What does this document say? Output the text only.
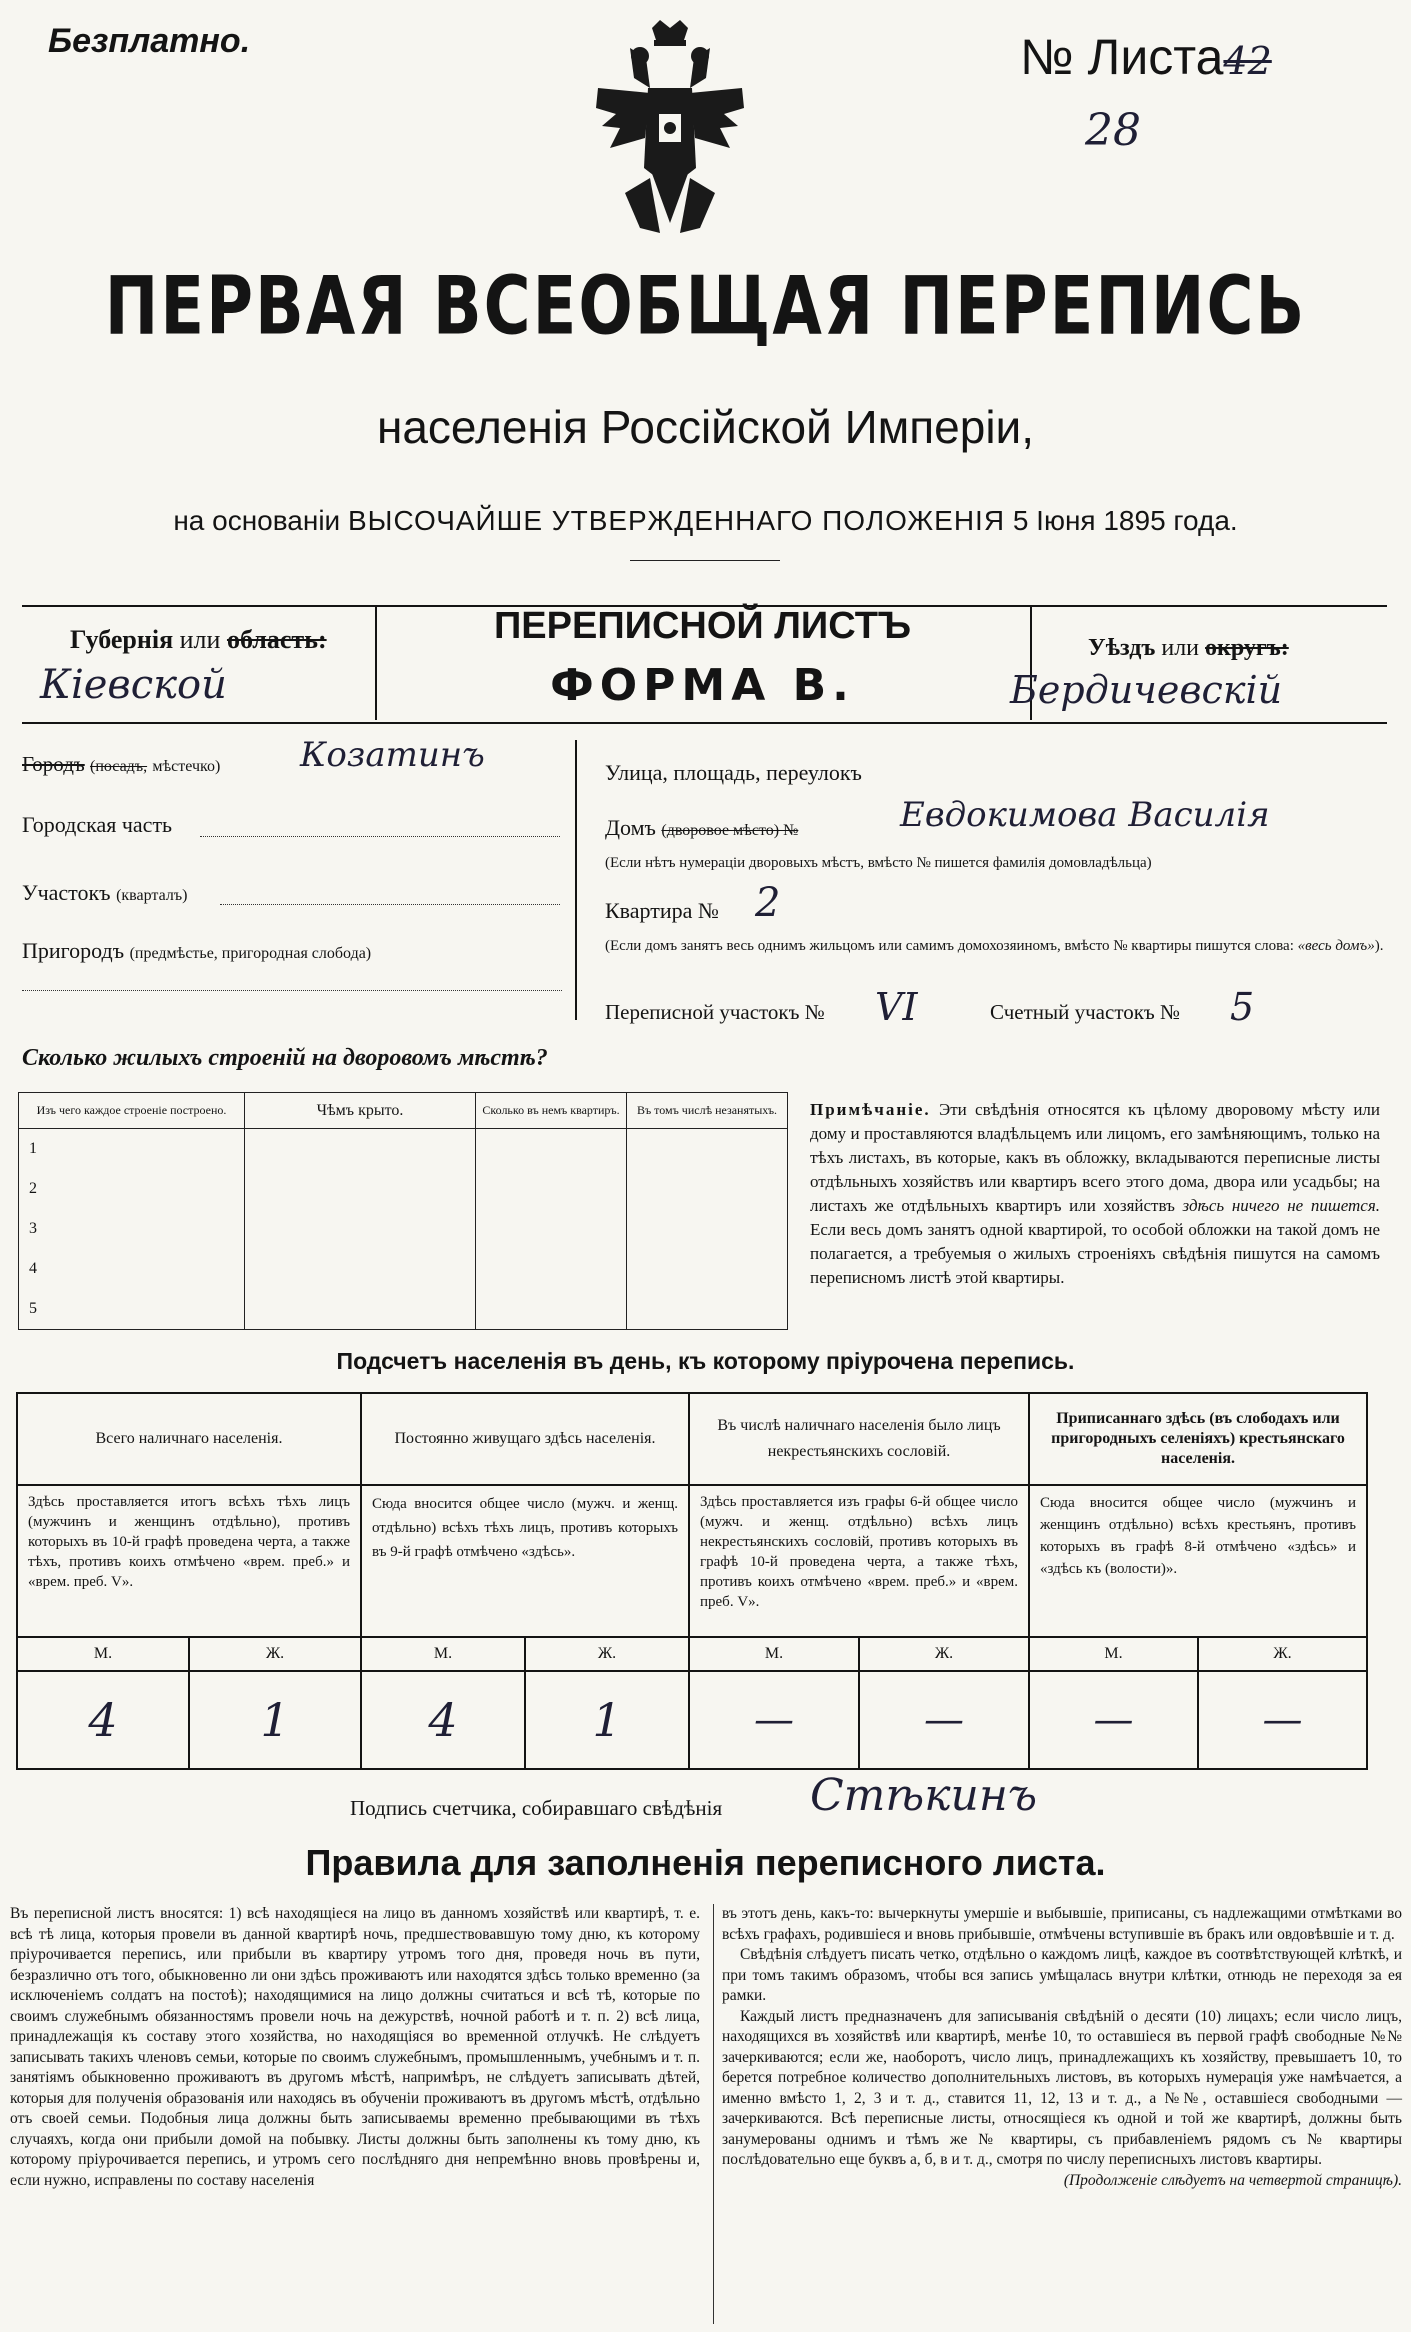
Безплатно.	№ Листа42
28
ПЕРВАЯ ВСЕОБЩАЯ ПЕРЕПИСЬ
населенія Россійской Имперіи,
на основаніи ВЫСОЧАЙШЕ УТВЕРЖДЕННАГО ПОЛОЖЕНІЯ 5 Іюня 1895 года.
Губернія или область:
Кіевской
ПЕРЕПИСНОЙ ЛИСТЪ
ФОРМА В.
Уѣздъ или округъ:
Бердичевскій
Городъ (посадъ, мѣстечко)	Козатинъ
Городская часть
Участокъ (кварталъ)
Пригородъ (предмѣстье, пригородная слобода)
Улица, площадь, переулокъ
Домъ (дворовое мѣсто) №	Евдокимова Василія
(Если нѣтъ нумераціи дворовыхъ мѣстъ, вмѣсто № пишется фамилія домовладѣльца)
Квартира № 2
(Если домъ занятъ весь однимъ жильцомъ или самимъ домохозяиномъ, вмѣсто № квартиры пишутся слова: «весь домъ»).
Переписной участокъ № VI	Счетный участокъ № 5
Сколько жилыхъ строеній на дворовомъ мѣстѣ?
Изъ чего каждое строеніе построено.	Чѣмъ крыто.	Сколько въ немъ квартиръ.	Въ томъ числѣ незанятыхъ.
1			
2			
3			
4			
5			
Примѣчаніе. Эти свѣдѣнія относятся къ цѣлому дворовому мѣсту или дому и проставляются владѣльцемъ или лицомъ, его замѣняющимъ, только на тѣхъ листахъ, въ которые, какъ въ обложку, вкладываются переписные листы отдѣльныхъ хозяйствъ или квартиръ всего этого дома, двора или усадьбы; на листахъ же отдѣльныхъ квартиръ или хозяйствъ здѣсь ничего не пишется. Если весь домъ занятъ одной квартирой, то особой обложки на такой домъ не полагается, а требуемыя о жилыхъ строеніяхъ свѣдѣнія пишутся на самомъ переписномъ листѣ этой квартиры.
Подсчетъ населенія въ день, къ которому пріурочена перепись.
Всего наличнаго населенія.		Постоянно живущаго здѣсь населенія.		Въ числѣ наличнаго населенія было лицъ некрестьянскихъ сословій.		Приписаннаго здѣсь (въ слободахъ или пригородныхъ селеніяхъ) крестьянскаго населенія.	
Здѣсь проставляется итогъ всѣхъ тѣхъ лицъ (мужчинъ и женщинъ отдѣльно), противъ которыхъ въ 10-й графѣ проведена черта, а также тѣхъ, противъ коихъ отмѣчено «врем. преб.» и «врем. преб. V».		Сюда вносится общее число (мужч. и женщ. отдѣльно) всѣхъ тѣхъ лицъ, противъ которыхъ въ 9-й графѣ отмѣчено «здѣсь».		Здѣсь проставляется изъ графы 6-й общее число (мужч. и женщ. отдѣльно) всѣхъ лицъ некрестьянскихъ сословій, противъ которыхъ въ графѣ 10-й проведена черта, а также тѣхъ, противъ коихъ отмѣчено «врем. преб.» и «врем. преб. V».		Сюда вносится общее число (мужчинъ и женщинъ отдѣльно) всѣхъ крестьянъ, противъ которыхъ въ графѣ 8-й отмѣчено «здѣсь» и «здѣсь къ (волости)».	
М.	Ж.	М.	Ж.	М.	Ж.	М.	Ж.
4	1	4	1	—	—	—	—
Подпись счетчика, собиравшаго свѣдѣнія Стѣкинъ
Правила для заполненія переписного листа.
Въ переписной листъ вносятся: 1) всѣ находящіеся на лицо въ данномъ хозяйствѣ или квартирѣ, т. е. всѣ тѣ лица, которыя провели въ данной квартирѣ ночь, предшествовавшую тому дню, къ которому пріурочивается перепись, или прибыли въ квартиру утромъ того дня, проведя ночь въ пути, безразлично отъ того, обыкновенно ли они здѣсь проживаютъ или находятся здѣсь только временно (за исключеніемъ солдатъ на постоѣ); находящимися на лицо должны считаться и всѣ тѣ, которые по своимъ служебнымъ обязанностямъ провели ночь на дежурствѣ, ночной работѣ и т. п. 2) всѣ лица, принадлежащія къ составу этого хозяйства, но находящіяся во временной отлучкѣ. Не слѣдуетъ записывать такихъ членовъ семьи, которые по своимъ служебнымъ, промышленнымъ, учебнымъ и т. п. занятіямъ обыкновенно проживаютъ въ другомъ мѣстѣ, напримѣръ, не слѣдуетъ записывать дѣтей, которыя для полученія образованія или находясь въ обученіи проживаютъ въ другомъ мѣстѣ, отдѣльно отъ своей семьи. Подобныя лица должны быть записываемы временно пребывающими въ тѣхъ случаяхъ, когда они прибыли домой на побывку. Листы должны быть заполнены къ тому дню, къ которому пріурочивается перепись, и утромъ сего послѣдняго дня непремѣнно вновь провѣрены и, если нужно, исправлены по составу населенія
въ этотъ день, какъ-то: вычеркнуты умершіе и выбывшіе, приписаны, съ надлежащими отмѣтками во всѣхъ графахъ, родившіеся и вновь прибывшіе, отмѣчены вступившіе въ бракъ или овдовѣвшіе и т. д.
Свѣдѣнія слѣдуетъ писать четко, отдѣльно о каждомъ лицѣ, каждое въ соотвѣтствующей клѣткѣ, и при томъ такимъ образомъ, чтобы вся запись умѣщалась внутри клѣтки, отнюдь не переходя за ея рамки.
Каждый листъ предназначенъ для записыванія свѣдѣній о десяти (10) лицахъ; если число лицъ, находящихся въ хозяйствѣ или квартирѣ, менѣе 10, то оставшіеся въ первой графѣ свободные №№ зачеркиваются; если же, наоборотъ, число лицъ, принадлежащихъ къ хозяйству, превышаетъ 10, то берется потребное количество дополнительныхъ листовъ, въ которыхъ нумерація уже намѣчается, а именно вмѣсто 1, 2, 3 и т. д., ставится 11, 12, 13 и т. д., а №№, оставшіеся свободными — зачеркиваются. Всѣ переписные листы, относящіеся къ одной и той же квартирѣ, должны быть занумерованы однимъ и тѣмъ же № квартиры, съ прибавленіемъ рядомъ съ № квартиры послѣдовательно еще буквъ а, б, в и т. д., смотря по числу переписныхъ листовъ квартиры.
(Продолженіе слѣдуетъ на четвертой страницѣ).
